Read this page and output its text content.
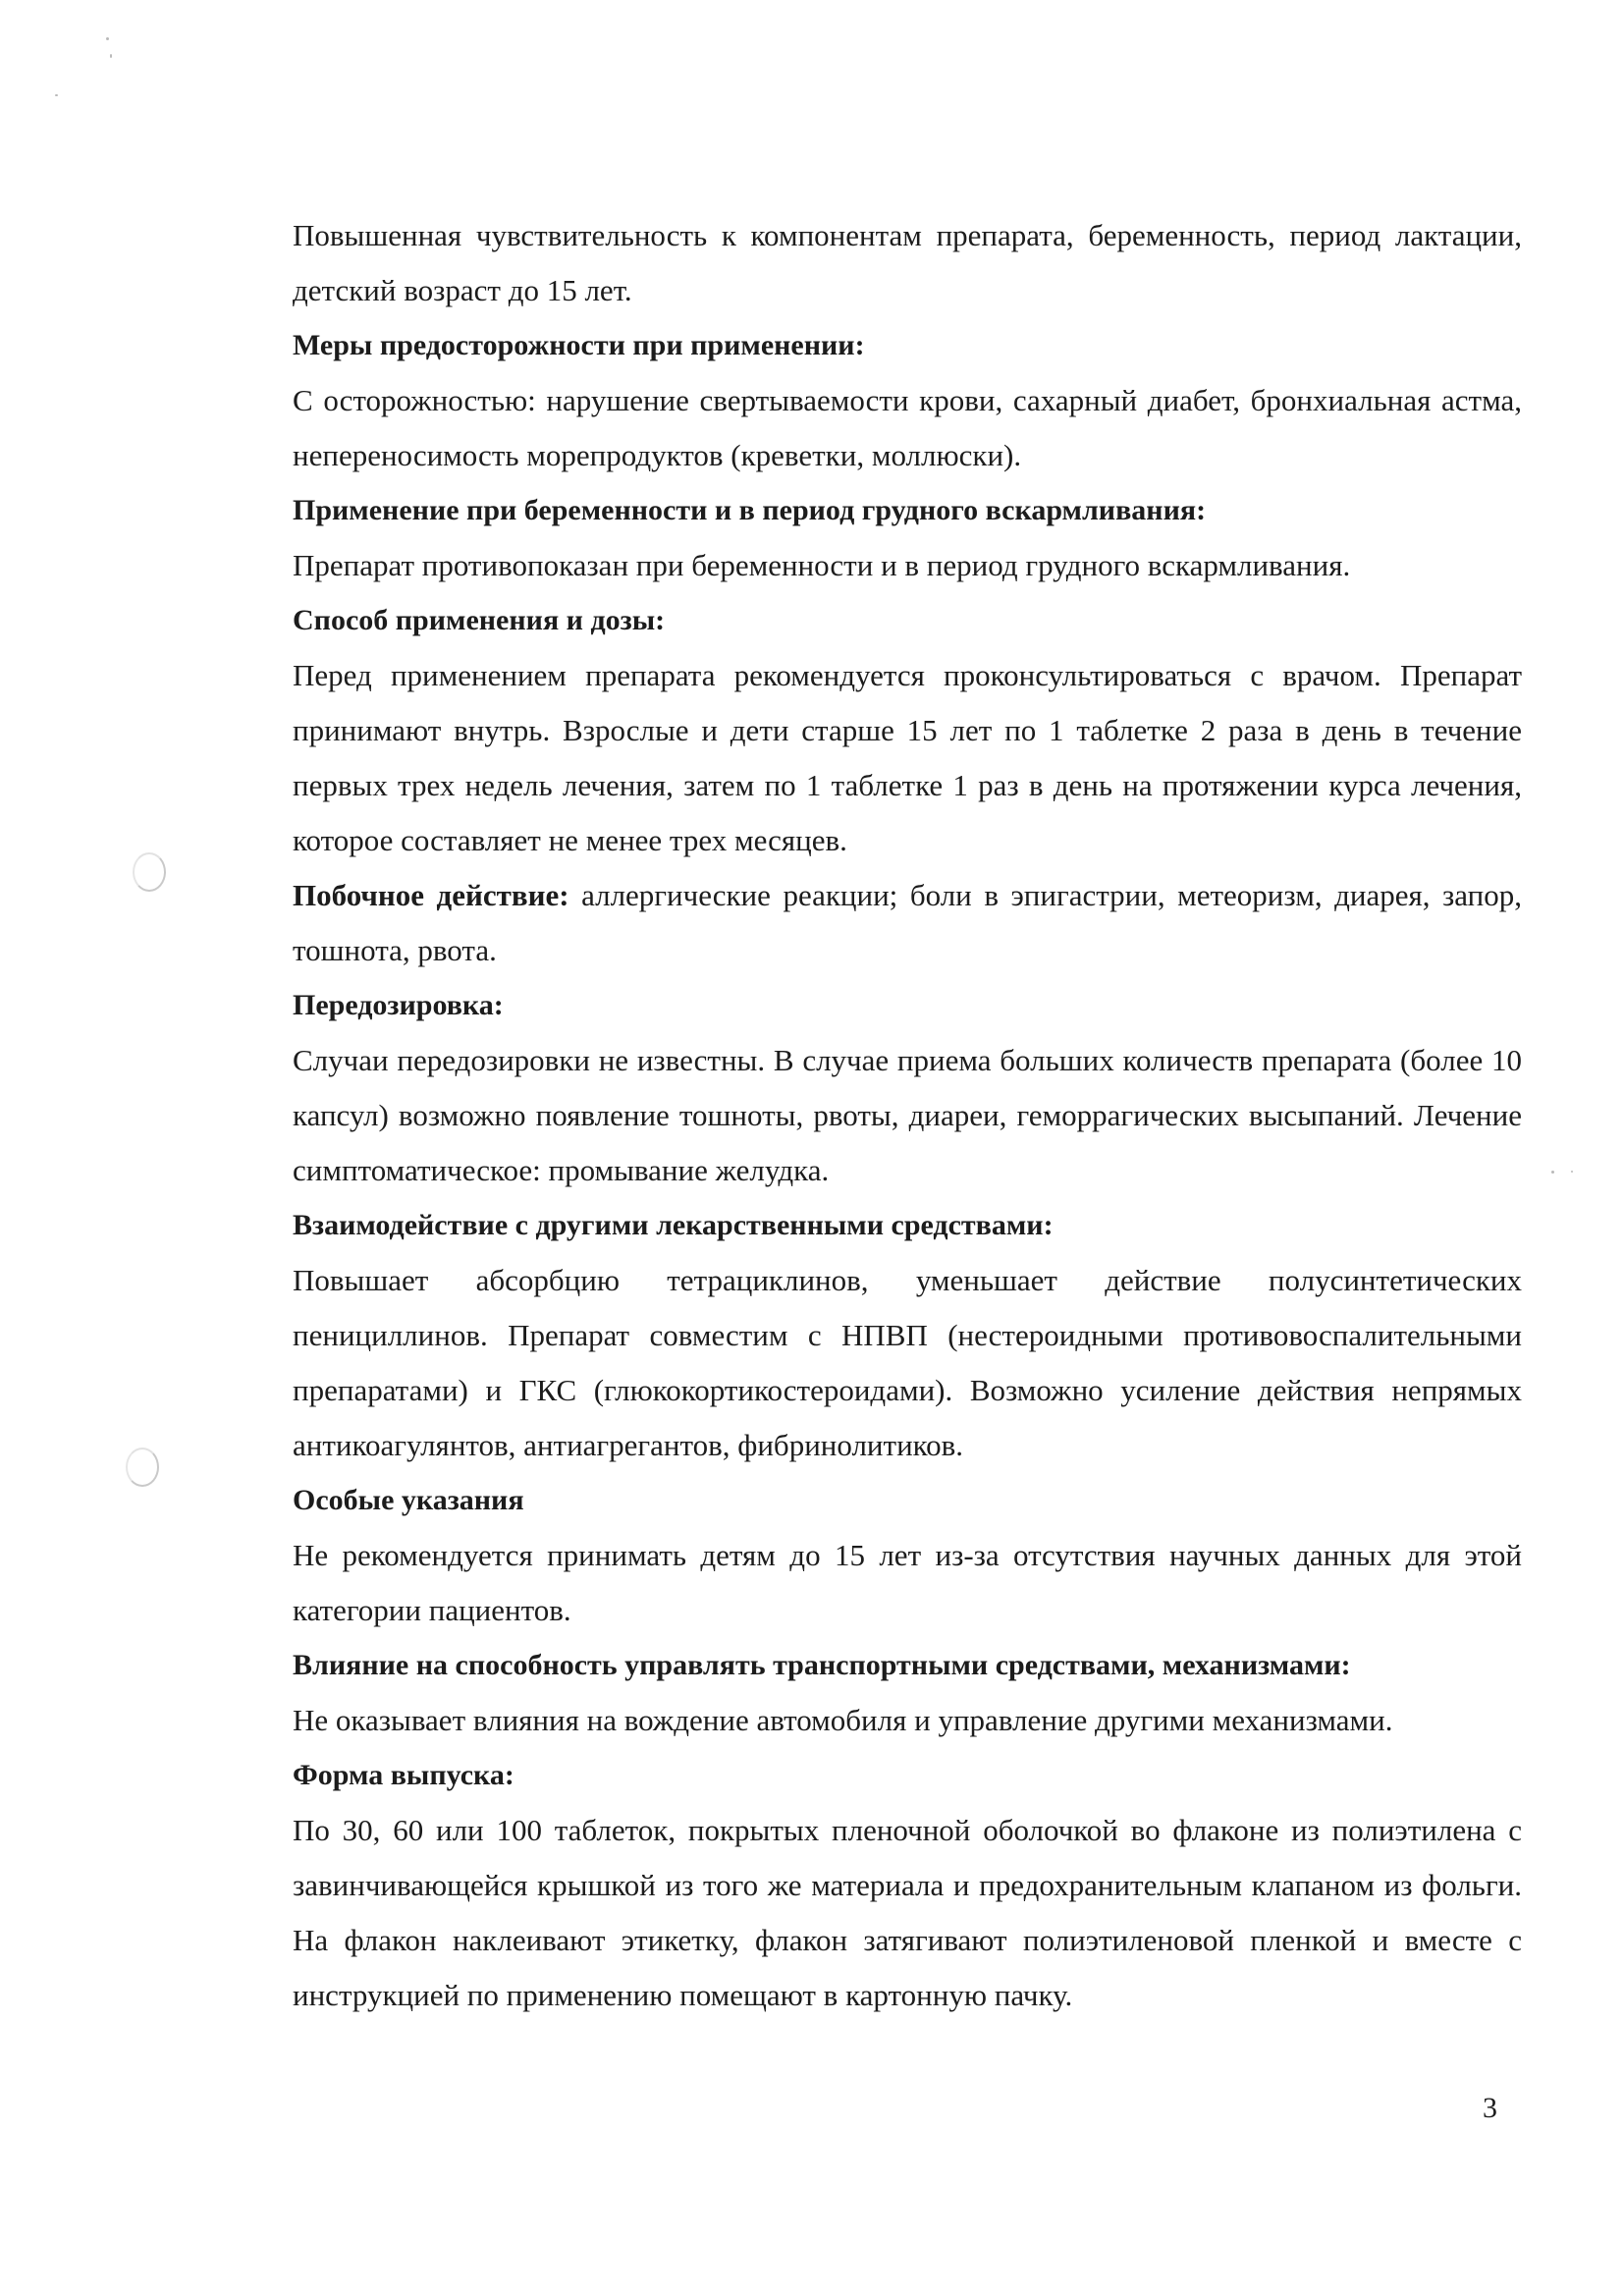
Повышенная чувствительность к компонентам препарата, беременность, период лактации, детский возраст до 15 лет.

Меры предосторожности при применении:

С осторожностью: нарушение свертываемости крови, сахарный диабет, бронхиальная астма, непереносимость морепродуктов (креветки, моллюски).

Применение при беременности и в период грудного вскармливания:

Препарат противопоказан при беременности и в период грудного вскармливания.

Способ применения и дозы:

Перед применением препарата рекомендуется проконсультироваться с врачом. Препарат принимают внутрь. Взрослые и дети старше 15 лет по 1 таблетке 2 раза в день в течение первых трех недель лечения, затем по 1 таблетке 1 раз в день на протяжении курса лечения, которое составляет не менее трех месяцев.

Побочное действие: аллергические реакции; боли в эпигастрии, метеоризм, диарея, запор, тошнота, рвота.

Передозировка:

Случаи передозировки не известны. В случае приема больших количеств препарата (более 10 капсул) возможно появление тошноты, рвоты, диареи, геморрагических высыпаний. Лечение симптоматическое: промывание желудка.

Взаимодействие с другими лекарственными средствами:

Повышает абсорбцию тетрациклинов, уменьшает действие полусинтетических пенициллинов. Препарат совместим с НПВП (нестероидными противовоспалительными препаратами) и ГКС (глюкокортикостероидами). Возможно усиление действия непрямых антикоагулянтов, антиагрегантов, фибринолитиков.

Особые указания

Не рекомендуется принимать детям до 15 лет из-за отсутствия научных данных для этой категории пациентов.

Влияние на способность управлять транспортными средствами, механизмами:

Не оказывает влияния на вождение автомобиля и управление другими механизмами.

Форма выпуска:

По 30, 60 или 100 таблеток, покрытых пленочной оболочкой во флаконе из полиэтилена с завинчивающейся крышкой из того же материала и предохранительным клапаном из фольги. На флакон наклеивают этикетку, флакон затягивают полиэтиленовой пленкой и вместе с инструкцией по применению помещают в картонную пачку.

3
